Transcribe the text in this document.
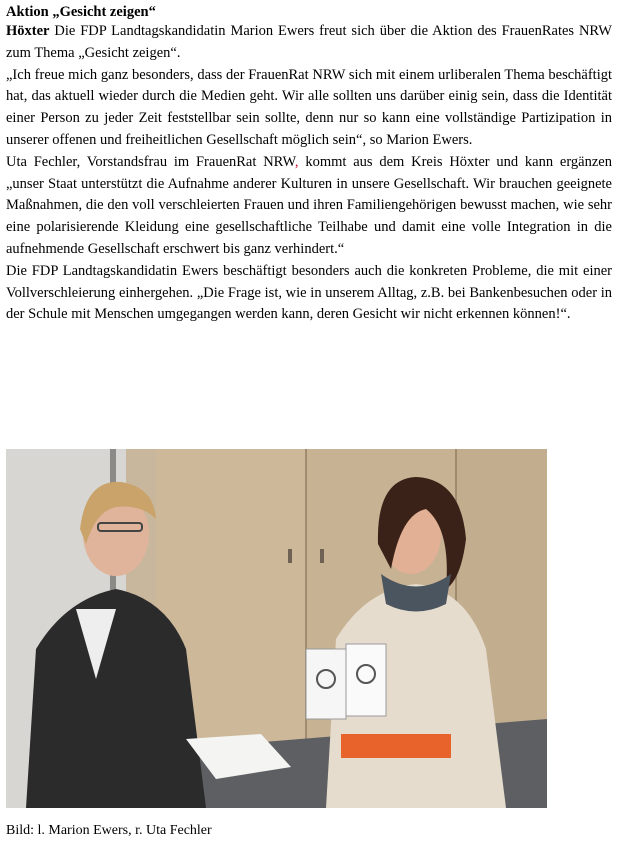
Aktion „Gesicht zeigen“

Höxter Die FDP Landtagskandidatin Marion Ewers freut sich über die Aktion des FrauenRates NRW zum Thema „Gesicht zeigen“.

„Ich freue mich ganz besonders, dass der FrauenRat NRW sich mit einem urliberalen Thema beschäftigt hat, das aktuell wieder durch die Medien geht. Wir alle sollten uns darüber einig sein, dass die Identität einer Person zu jeder Zeit feststellbar sein sollte, denn nur so kann eine vollständige Partizipation in unserer offenen und freiheitlichen Gesellschaft möglich sein“, so Marion Ewers.

Uta Fechler, Vorstandsfrau im FrauenRat NRW, kommt aus dem Kreis Höxter und kann ergänzen „unser Staat unterstützt die Aufnahme anderer Kulturen in unsere Gesellschaft. Wir brauchen geeignete Maßnahmen, die den voll verschleierten Frauen und ihren Familiengehörigen bewusst machen, wie sehr eine polarisierende Kleidung eine gesellschaftliche Teilhabe und damit eine volle Integration in die aufnehmende Gesellschaft erschwert bis ganz verhindert.“

Die FDP Landtagskandidatin Ewers beschäftigt besonders auch die konkreten Probleme, die mit einer Vollverschleierung einhergehen. „Die Frage ist, wie in unserem Alltag, z.B. bei Bankenbesuchen oder in der Schule mit Menschen umgegangen werden kann, deren Gesicht wir nicht erkennen können!“.

Bild: l. Marion Ewers, r. Uta Fechler
